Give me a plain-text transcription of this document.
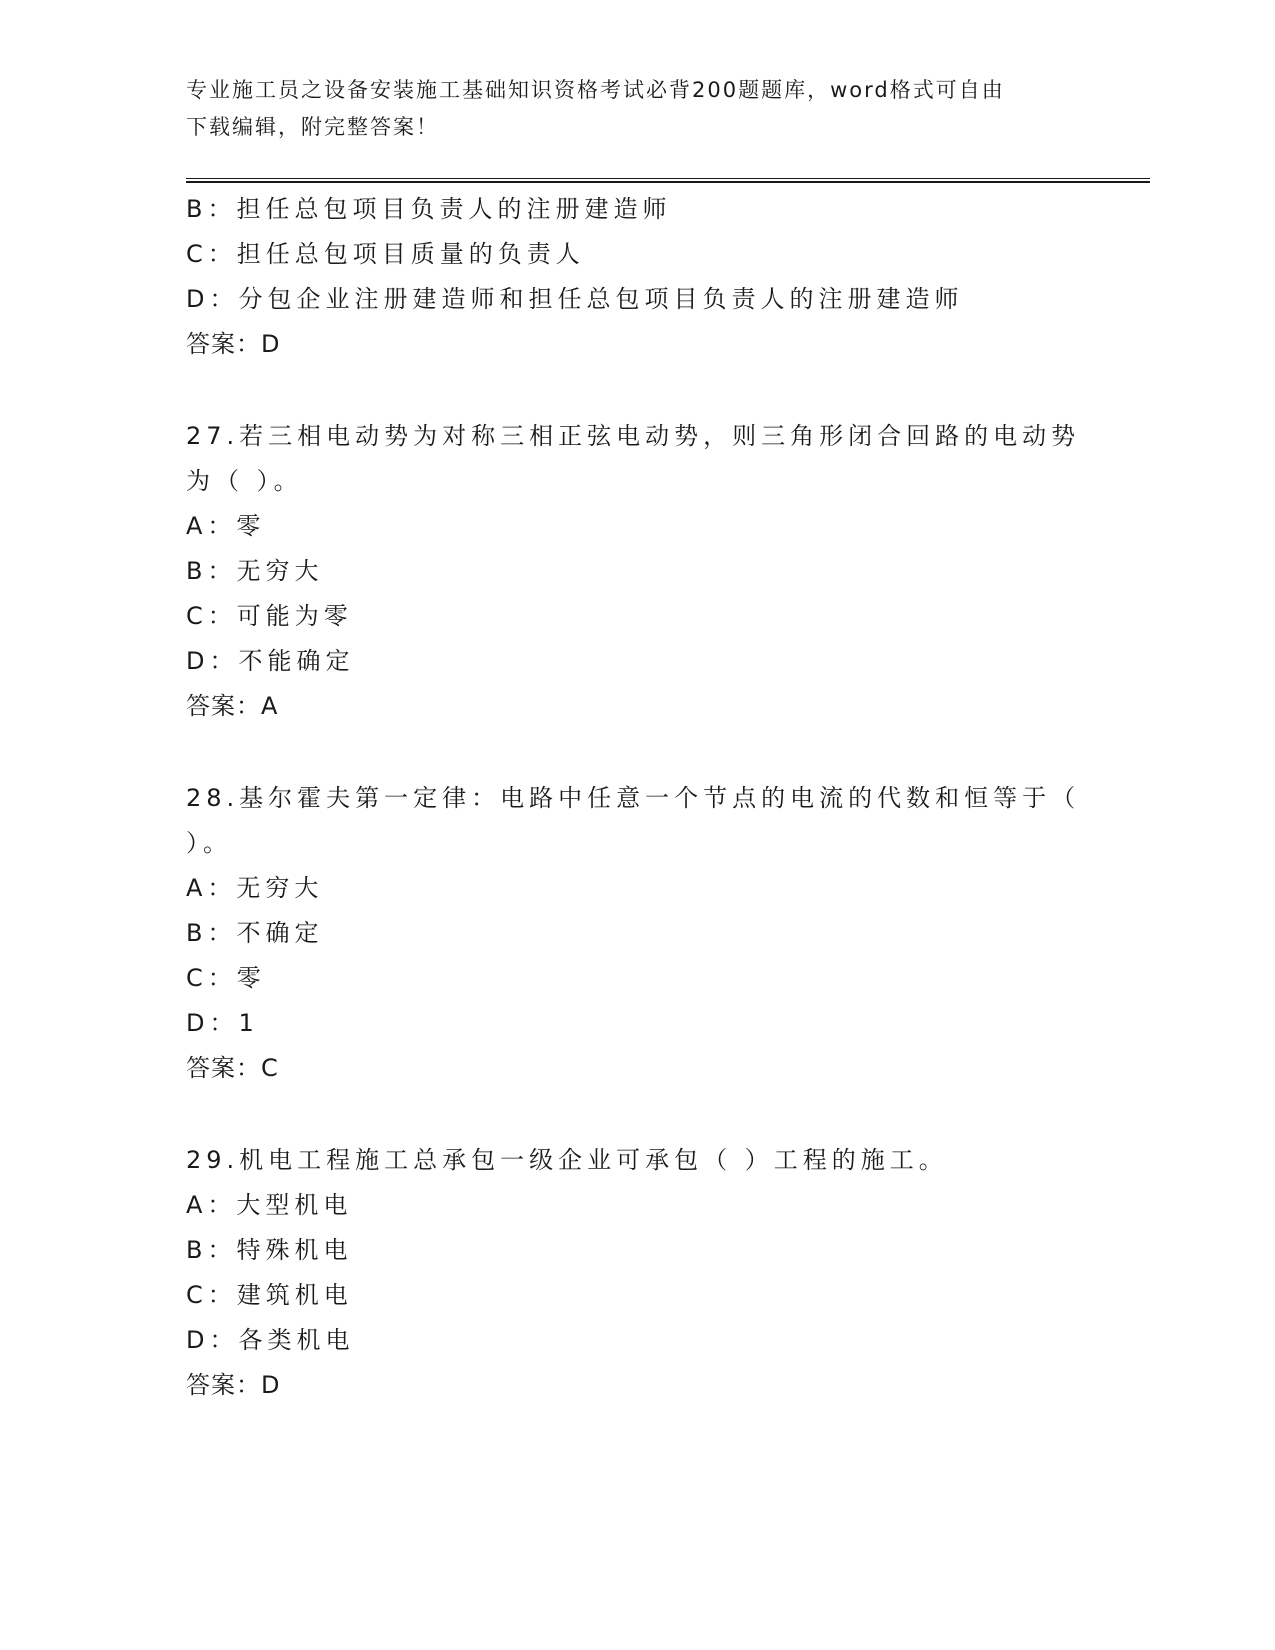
专业施工员之设备安装施工基础知识资格考试必背200题题库，word格式可自由
下载编辑，附完整答案！
B：担任总包项目负责人的注册建造师
C：担任总包项目质量的负责人
D：分包企业注册建造师和担任总包项目负责人的注册建造师
答案：D
27.若三相电动势为对称三相正弦电动势，则三角形闭合回路的电动势
为（ ）。
A：零
B：无穷大
C：可能为零
D：不能确定
答案：A
28.基尔霍夫第一定律：电路中任意一个节点的电流的代数和恒等于（
）。
A：无穷大
B：不确定
C：零
D：1
答案：C
29.机电工程施工总承包一级企业可承包（ ）工程的施工。
A：大型机电
B：特殊机电
C：建筑机电
D：各类机电
答案：D
